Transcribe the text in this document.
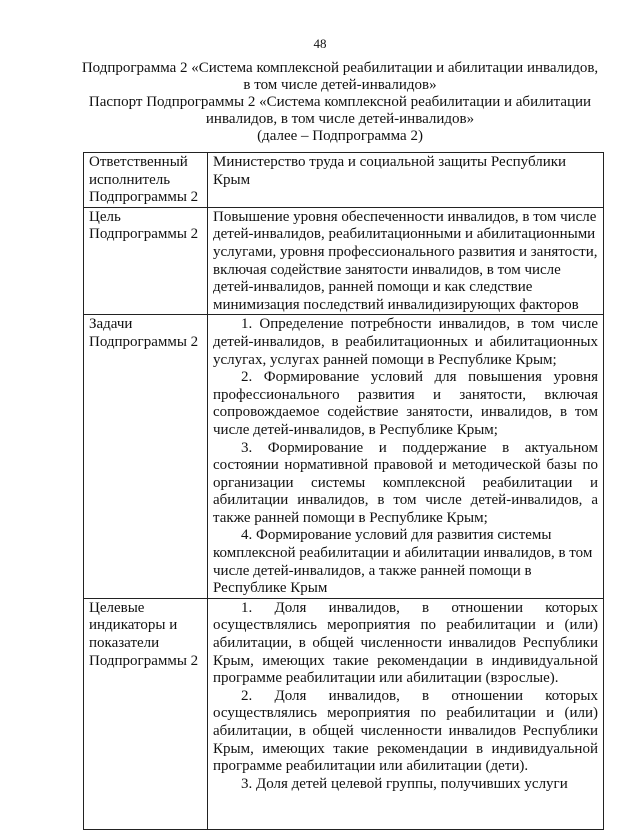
48
Подпрограмма 2 «Система комплексной реабилитации и абилитации инвалидов,
в том числе детей-инвалидов»
Паспорт Подпрограммы 2 «Система комплексной реабилитации и абилитации
инвалидов, в том числе детей-инвалидов»
(далее – Подпрограмма 2)
Ответственный исполнитель Подпрограммы 2	Министерство труда и социальной защиты Республики Крым

Цель Подпрограммы 2	Повышение уровня обеспеченности инвалидов, в том числе детей-инвалидов, реабилитационными и абилитационными услугами, уровня профессионального развития и занятости, включая содействие занятости инвалидов, в том числе детей-инвалидов, ранней помощи и как следствие минимизация последствий инвалидизирующих факторов

Задачи Подпрограммы 2	1. Определение потребности инвалидов, в том числе детей-инвалидов, в реабилитационных и абилитационных услугах, услугах ранней помощи в Республике Крым;
2. Формирование условий для повышения уровня профессионального развития и занятости, включая сопровождаемое содействие занятости, инвалидов, в том числе детей-инвалидов, в Республике Крым;
3. Формирование и поддержание в актуальном состоянии нормативной правовой и методической базы по организации системы комплексной реабилитации и абилитации инвалидов, в том числе детей-инвалидов, а также ранней помощи в Республике Крым;
4. Формирование условий для развития системы комплексной реабилитации и абилитации инвалидов, в том числе детей-инвалидов, а также ранней помощи в Республике Крым

Целевые индикаторы и показатели Подпрограммы 2	1. Доля инвалидов, в отношении которых осуществлялись мероприятия по реабилитации и (или) абилитации, в общей численности инвалидов Республики Крым, имеющих такие рекомендации в индивидуальной программе реабилитации или абилитации (взрослые).
2. Доля инвалидов, в отношении которых осуществлялись мероприятия по реабилитации и (или) абилитации, в общей численности инвалидов Республики Крым, имеющих такие рекомендации в индивидуальной программе реабилитации или абилитации (дети).
3. Доля детей целевой группы, получивших услуги
